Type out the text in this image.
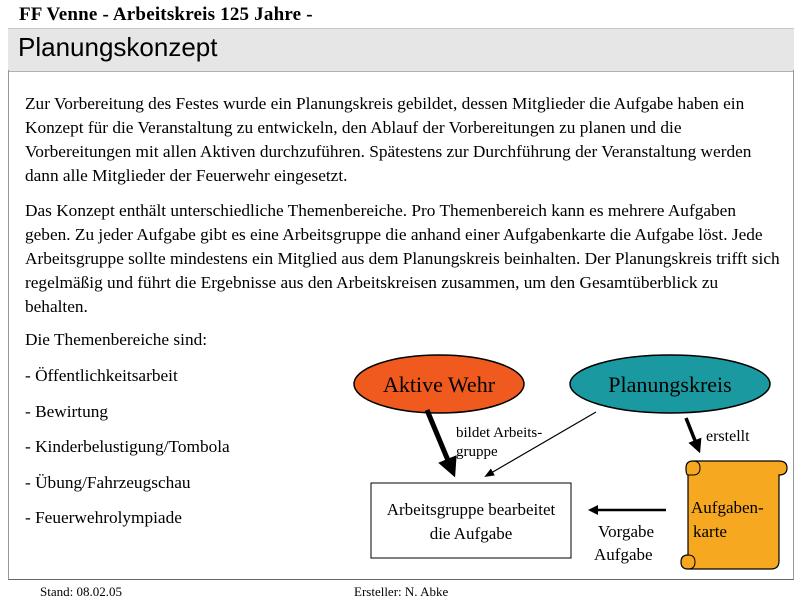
FF Venne - Arbeitskreis 125 Jahre -
Planungskonzept

Zur Vorbereitung des Festes wurde ein Planungskreis gebildet, dessen Mitglieder die Aufgabe haben ein Konzept für die Veranstaltung zu entwickeln, den Ablauf der Vorbereitungen zu planen und die Vorbereitungen mit allen Aktiven durchzuführen. Spätestens zur Durchführung der Veranstaltung werden dann alle Mitglieder der Feuerwehr eingesetzt.

Das Konzept enthält unterschiedliche Themenbereiche. Pro Themenbereich kann es mehrere Aufgaben geben. Zu jeder Aufgabe gibt es eine Arbeitsgruppe die anhand einer Aufgabenkarte die Aufgabe löst. Jede Arbeitsgruppe sollte mindestens ein Mitglied aus dem Planungskreis beinhalten. Der Planungskreis trifft sich regelmäßig und führt die Ergebnisse aus den Arbeitskreisen zusammen, um den Gesamtüberblick zu behalten.

Die Themenbereiche sind:
- Öffentlichkeitsarbeit
- Bewirtung
- Kinderbelustigung/Tombola
- Übung/Fahrzeugschau
- Feuerwehrolympiade
Aktive Wehr	Planungskreis
bildet Arbeits-
gruppe
erstellt
Vorgabe
Aufgabe
Arbeitsgruppe bearbeitet
die Aufgabe
Aufgaben-
karte
Stand: 08.02.05	Ersteller: N. Abke
